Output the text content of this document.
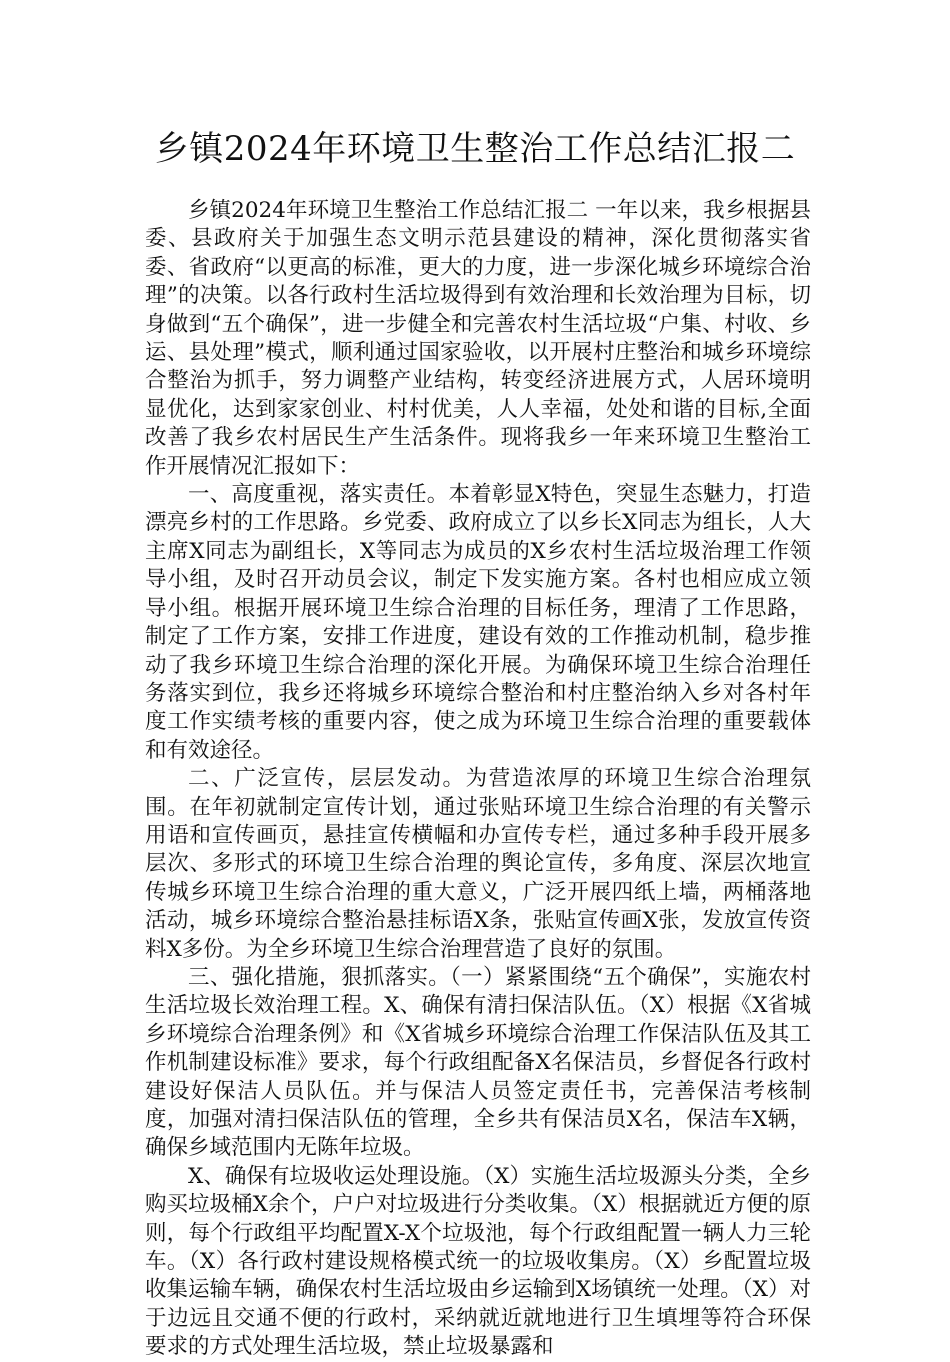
乡镇2024年环境卫生整治工作总结汇报二

乡镇2024年环境卫生整治工作总结汇报二 一年以来，我乡根据县委、县政府关于加强生态文明示范县建设的精神，深化贯彻落实省委、省政府“以更高的标准，更大的力度，进一步深化城乡环境综合治理”的决策。以各行政村生活垃圾得到有效治理和长效治理为目标，切身做到“五个确保”，进一步健全和完善农村生活垃圾“户集、村收、乡运、县处理”模式，顺利通过国家验收，以开展村庄整治和城乡环境综合整治为抓手，努力调整产业结构，转变经济进展方式，人居环境明显优化，达到家家创业、村村优美，人人幸福，处处和谐的目标,全面改善了我乡农村居民生产生活条件。现将我乡一年来环境卫生整治工作开展情况汇报如下：

一、高度重视，落实责任。本着彰显X特色，突显生态魅力，打造漂亮乡村的工作思路。乡党委、政府成立了以乡长X同志为组长，人大主席X同志为副组长，X等同志为成员的X乡农村生活垃圾治理工作领导小组，及时召开动员会议，制定下发实施方案。各村也相应成立领导小组。根据开展环境卫生综合治理的目标任务，理清了工作思路，制定了工作方案，安排工作进度，建设有效的工作推动机制，稳步推动了我乡环境卫生综合治理的深化开展。为确保环境卫生综合治理任务落实到位，我乡还将城乡环境综合整治和村庄整治纳入乡对各村年度工作实绩考核的重要内容，使之成为环境卫生综合治理的重要载体和有效途径。

二、广泛宣传，层层发动。为营造浓厚的环境卫生综合治理氛围。在年初就制定宣传计划，通过张贴环境卫生综合治理的有关警示用语和宣传画页，悬挂宣传横幅和办宣传专栏，通过多种手段开展多层次、多形式的环境卫生综合治理的舆论宣传，多角度、深层次地宣传城乡环境卫生综合治理的重大意义，广泛开展四纸上墙，两桶落地活动，城乡环境综合整治悬挂标语X条，张贴宣传画X张，发放宣传资料X多份。为全乡环境卫生综合治理营造了良好的氛围。

三、强化措施，狠抓落实。（一）紧紧围绕“五个确保”，实施农村生活垃圾长效治理工程。X、确保有清扫保洁队伍。（X）根据《X省城乡环境综合治理条例》和《X省城乡环境综合治理工作保洁队伍及其工作机制建设标准》要求，每个行政组配备X名保洁员，乡督促各行政村建设好保洁人员队伍。并与保洁人员签定责任书，完善保洁考核制度，加强对清扫保洁队伍的管理，全乡共有保洁员X名，保洁车X辆，确保乡域范围内无陈年垃圾。

X、确保有垃圾收运处理设施。（X）实施生活垃圾源头分类，全乡购买垃圾桶X余个，户户对垃圾进行分类收集。（X）根据就近方便的原则，每个行政组平均配置X-X个垃圾池，每个行政组配置一辆人力三轮车。（X）各行政村建设规格模式统一的垃圾收集房。（X）乡配置垃圾收集运输车辆，确保农村生活垃圾由乡运输到X场镇统一处理。（X）对于边远且交通不便的行政村，采纳就近就地进行卫生填埋等符合环保要求的方式处理生活垃圾，禁止垃圾暴露和
